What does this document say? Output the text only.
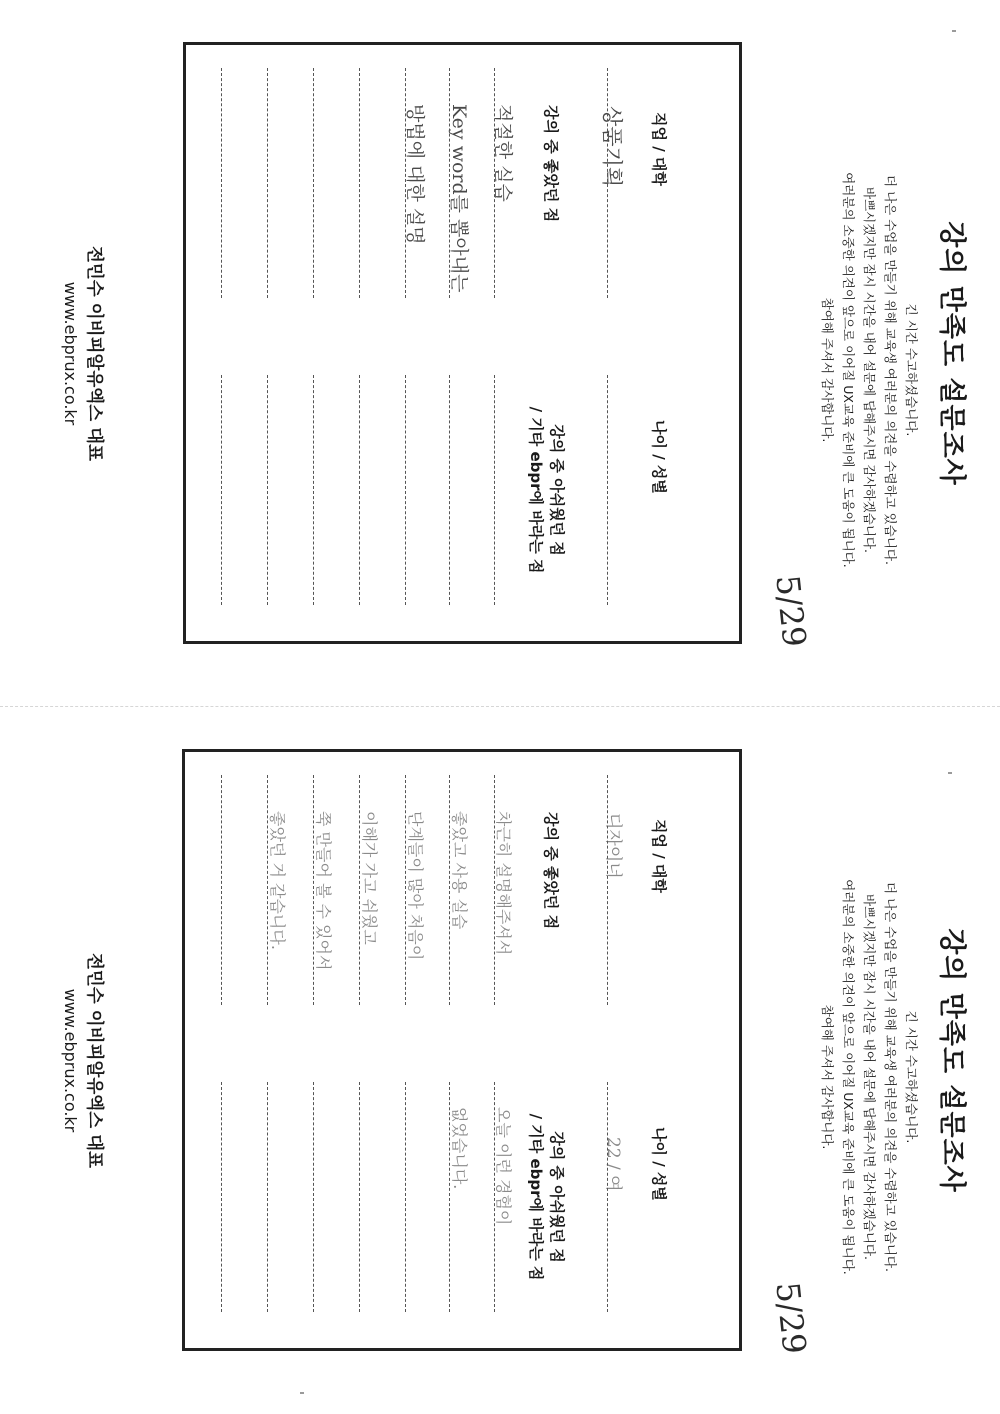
강의 만족도 설문조사
긴 시간 수고하셨습니다.
더 나은 수업을 만들기 위해 교육생 여러분의 의견을 수렴하고 있습니다.
바쁘시겠지만 잠시 시간을 내어 설문에 답해주시면 감사하겠습니다.
여러분의 소중한 의견이 앞으로 이어질 UX교육 준비에 큰 도움이 됩니다.
참여해 주셔서 감사합니다.
5/29
직업 / 대학
나이 / 성별
상품기획
강의 중 좋았던 점
강의 중 아쉬웠던 점
/ 기타 ebpr에 바라는 점
적절한 실습
Key word를 뽑아내는
방법에 대한 설명
전민수 이비피알유엑스 대표
www.ebprux.co.kr
강의 만족도 설문조사
긴 시간 수고하셨습니다.
더 나은 수업을 만들기 위해 교육생 여러분의 의견을 수렴하고 있습니다.
바쁘시겠지만 잠시 시간을 내어 설문에 답해주시면 감사하겠습니다.
여러분의 소중한 의견이 앞으로 이어질 UX교육 준비에 큰 도움이 됩니다.
참여해 주셔서 감사합니다.
5/29
직업 / 대학
나이 / 성별
디자이너
22 / 여
강의 중 좋았던 점
강의 중 아쉬웠던 점
/ 기타 ebpr에 바라는 점
차근히 설명해주셔서
오늘 이런 경험이
좋았고 사용 실습
없었습니다.
단계들이 많아 처음이
이해가 가고 쉬웠고
쭉 만들어 볼 수 있어서
좋았던 거 같습니다.
전민수 이비피알유엑스 대표
www.ebprux.co.kr
